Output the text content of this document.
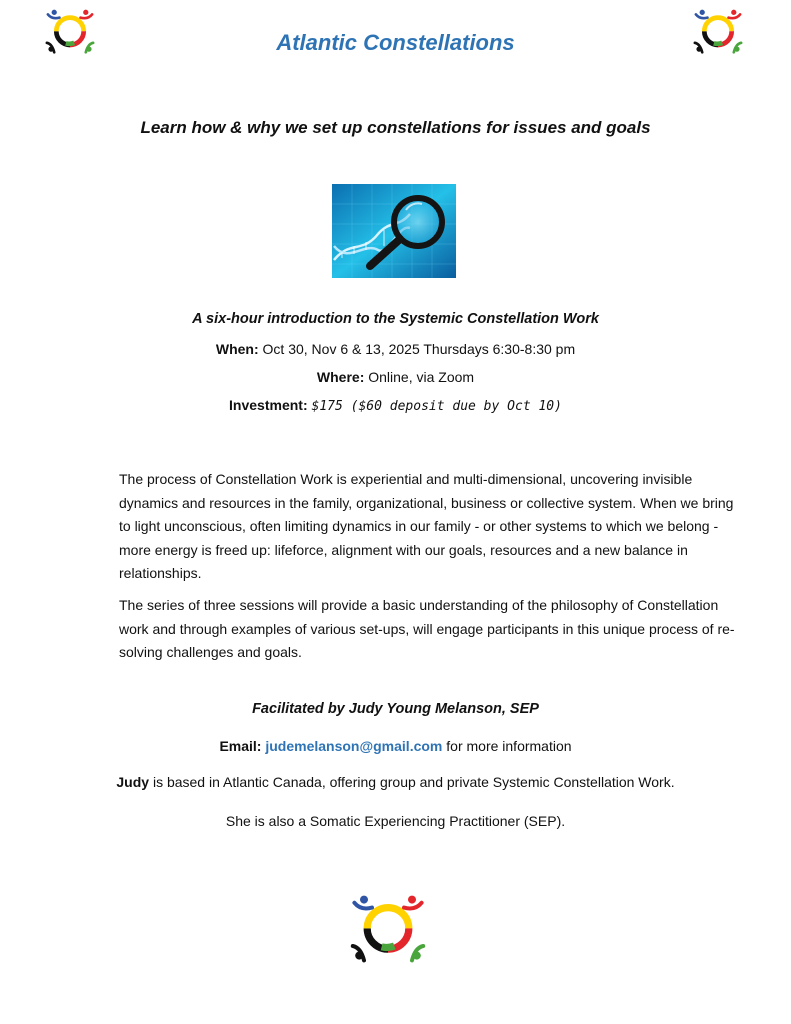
Atlantic Constellations
Learn how & why we set up constellations for issues and goals
A six-hour introduction to the Systemic Constellation Work
When: Oct 30, Nov 6 & 13, 2025 Thursdays 6:30-8:30 pm
Where: Online, via Zoom
Investment: $175 ($60 deposit due by Oct 10)

The process of Constellation Work is experiential and multi-dimensional, uncovering invisible dynamics and resources in the family, organizational, business or collective system. When we bring to light unconscious, often limiting dynamics in our family - or other systems to which we belong - more energy is freed up: lifeforce, alignment with our goals, resources and a new balance in relationships.

The series of three sessions will provide a basic understanding of the philosophy of Constellation work and through examples of various set-ups, will engage participants in this unique process of re-solving challenges and goals.

Facilitated by Judy Young Melanson, SEP
Email: judemelanson@gmail.com for more information
Judy is based in Atlantic Canada, offering group and private Systemic Constellation Work.
She is also a Somatic Experiencing Practitioner (SEP).
